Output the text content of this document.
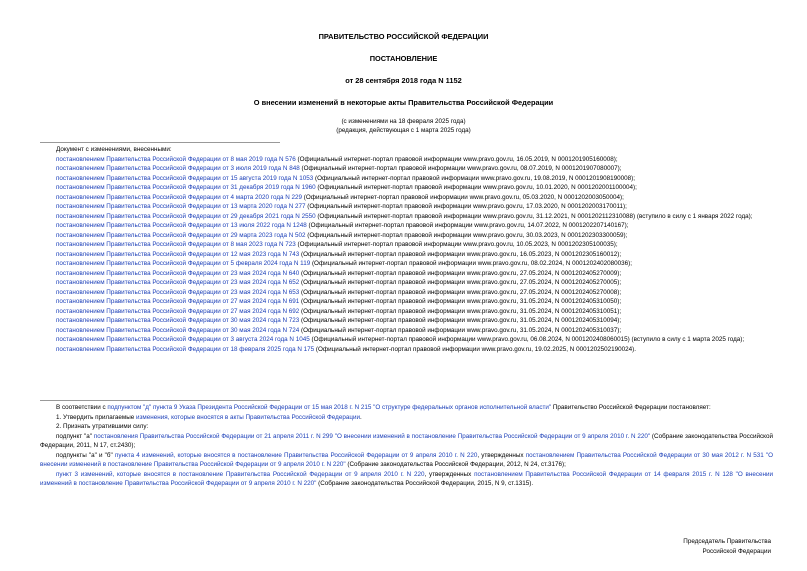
ПРАВИТЕЛЬСТВО РОССИЙСКОЙ ФЕДЕРАЦИИ
ПОСТАНОВЛЕНИЕ
от 28 сентября 2018 года N 1152
О внесении изменений в некоторые акты Правительства Российской Федерации
(с изменениями на 18 февраля 2025 года)
(редакция, действующая с 1 марта 2025 года)
Документ с изменениями, внесенными:
постановлением Правительства Российской Федерации от 8 мая 2019 года N 576 (Официальный интернет-портал правовой информации www.pravo.gov.ru, 16.05.2019, N 0001201905160008);
постановлением Правительства Российской Федерации от 3 июля 2019 года N 848 (Официальный интернет-портал правовой информации www.pravo.gov.ru, 08.07.2019, N 0001201907080007);
постановлением Правительства Российской Федерации от 15 августа 2019 года N 1053 (Официальный интернет-портал правовой информации www.pravo.gov.ru, 19.08.2019, N 0001201908190008);
постановлением Правительства Российской Федерации от 31 декабря 2019 года N 1960 (Официальный интернет-портал правовой информации www.pravo.gov.ru, 10.01.2020, N 0001202001100004);
постановлением Правительства Российской Федерации от 4 марта 2020 года N 229 (Официальный интернет-портал правовой информации www.pravo.gov.ru, 05.03.2020, N 0001202003050004);
постановлением Правительства Российской Федерации от 13 марта 2020 года N 277 (Официальный интернет-портал правовой информации www.pravo.gov.ru, 17.03.2020, N 0001202003170011);
постановлением Правительства Российской Федерации от 29 декабря 2021 года N 2550 (Официальный интернет-портал правовой информации www.pravo.gov.ru, 31.12.2021, N 0001202112310088) (вступило в силу с 1 января 2022 года);
постановлением Правительства Российской Федерации от 13 июля 2022 года N 1248 (Официальный интернет-портал правовой информации www.pravo.gov.ru, 14.07.2022, N 0001202207140167);
постановлением Правительства Российской Федерации от 29 марта 2023 года N 502 (Официальный интернет-портал правовой информации www.pravo.gov.ru, 30.03.2023, N 0001202303300059);
постановлением Правительства Российской Федерации от 8 мая 2023 года N 723 (Официальный интернет-портал правовой информации www.pravo.gov.ru, 10.05.2023, N 0001202305100035);
постановлением Правительства Российской Федерации от 12 мая 2023 года N 743 (Официальный интернет-портал правовой информации www.pravo.gov.ru, 16.05.2023, N 0001202305160012);
постановлением Правительства Российской Федерации от 5 февраля 2024 года N 119 (Официальный интернет-портал правовой информации www.pravo.gov.ru, 08.02.2024, N 0001202402080036);
постановлением Правительства Российской Федерации от 23 мая 2024 года N 640 (Официальный интернет-портал правовой информации www.pravo.gov.ru, 27.05.2024, N 0001202405270009);
постановлением Правительства Российской Федерации от 23 мая 2024 года N 652 (Официальный интернет-портал правовой информации www.pravo.gov.ru, 27.05.2024, N 0001202405270005);
постановлением Правительства Российской Федерации от 23 мая 2024 года N 653 (Официальный интернет-портал правовой информации www.pravo.gov.ru, 27.05.2024, N 0001202405270008);
постановлением Правительства Российской Федерации от 27 мая 2024 года N 691 (Официальный интернет-портал правовой информации www.pravo.gov.ru, 31.05.2024, N 0001202405310050);
постановлением Правительства Российской Федерации от 27 мая 2024 года N 692 (Официальный интернет-портал правовой информации www.pravo.gov.ru, 31.05.2024, N 0001202405310051);
постановлением Правительства Российской Федерации от 30 мая 2024 года N 723 (Официальный интернет-портал правовой информации www.pravo.gov.ru, 31.05.2024, N 0001202405310094);
постановлением Правительства Российской Федерации от 30 мая 2024 года N 724 (Официальный интернет-портал правовой информации www.pravo.gov.ru, 31.05.2024, N 0001202405310037);
постановлением Правительства Российской Федерации от 3 августа 2024 года N 1045 (Официальный интернет-портал правовой информации www.pravo.gov.ru, 06.08.2024, N 0001202408060015) (вступило в силу с 1 марта 2025 года);
постановлением Правительства Российской Федерации от 18 февраля 2025 года N 175 (Официальный интернет-портал правовой информации www.pravo.gov.ru, 19.02.2025, N 0001202502190024).
В соответствии с подпунктом "д" пункта 9 Указа Президента Российской Федерации от 15 мая 2018 г. N 215 "О структуре федеральных органов исполнительной власти" Правительство Российской Федерации постановляет:
1. Утвердить прилагаемые изменения, которые вносятся в акты Правительства Российской Федерации.
2. Признать утратившими силу:
подпункт "а" постановления Правительства Российской Федерации от 21 апреля 2011 г. N 299 "О внесении изменений в постановление Правительства Российской Федерации от 9 апреля 2010 г. N 220" (Собрание законодательства Российской Федерации, 2011, N 17, ст.2430);
подпункты "а" и "б" пункта 4 изменений, которые вносятся в постановление Правительства Российской Федерации от 9 апреля 2010 г. N 220, утвержденных постановлением Правительства Российской Федерации от 30 мая 2012 г. N 531 "О внесении изменений в постановление Правительства Российской Федерации от 9 апреля 2010 г. N 220" (Собрание законодательства Российской Федерации, 2012, N 24, ст.3176);
пункт 3 изменений, которые вносятся в постановление Правительства Российской Федерации от 9 апреля 2010 г. N 220, утвержденных постановлением Правительства Российской Федерации от 14 февраля 2015 г. N 128 "О внесении изменений в постановление Правительства Российской Федерации от 9 апреля 2010 г. N 220" (Собрание законодательства Российской Федерации, 2015, N 9, ст.1315).
Председатель Правительства
Российской Федерации
